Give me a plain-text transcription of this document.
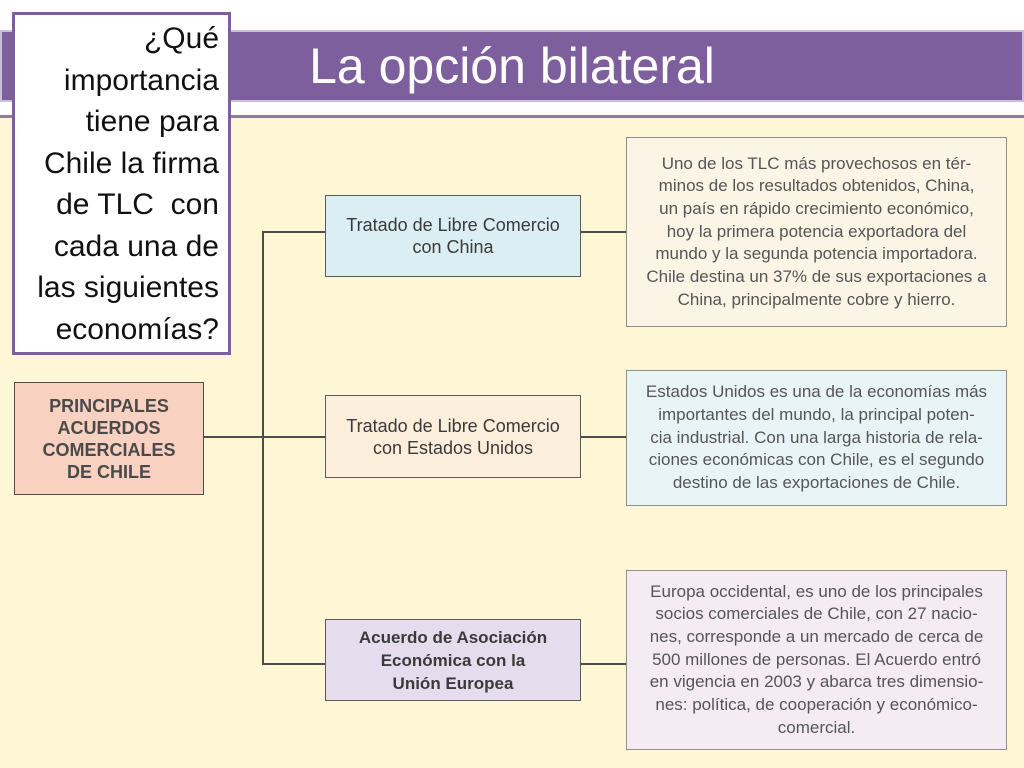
La opción bilateral
¿Qué
importancia
tiene para
Chile la firma
de TLC  con
cada una de
las siguientes
economías?
PRINCIPALES
ACUERDOS
COMERCIALES
DE CHILE
Tratado de Libre Comercio
con China
Tratado de Libre Comercio
con Estados Unidos
Acuerdo de Asociación
Económica con la
Unión Europea
Uno de los TLC más provechosos en tér-
minos de los resultados obtenidos, China,
un país en rápido crecimiento económico,
hoy la primera potencia exportadora del
mundo y la segunda potencia importadora.
Chile destina un 37% de sus exportaciones a
China, principalmente cobre y hierro.
Estados Unidos es una de la economías más
importantes del mundo, la principal poten-
cia industrial. Con una larga historia de rela-
ciones económicas con Chile, es el segundo
destino de las exportaciones de Chile.
Europa occidental, es uno de los principales
socios comerciales de Chile, con 27 nacio-
nes, corresponde a un mercado de cerca de
500 millones de personas. El Acuerdo entró
en vigencia en 2003 y abarca tres dimensio-
nes: política, de cooperación y económico-
comercial.
